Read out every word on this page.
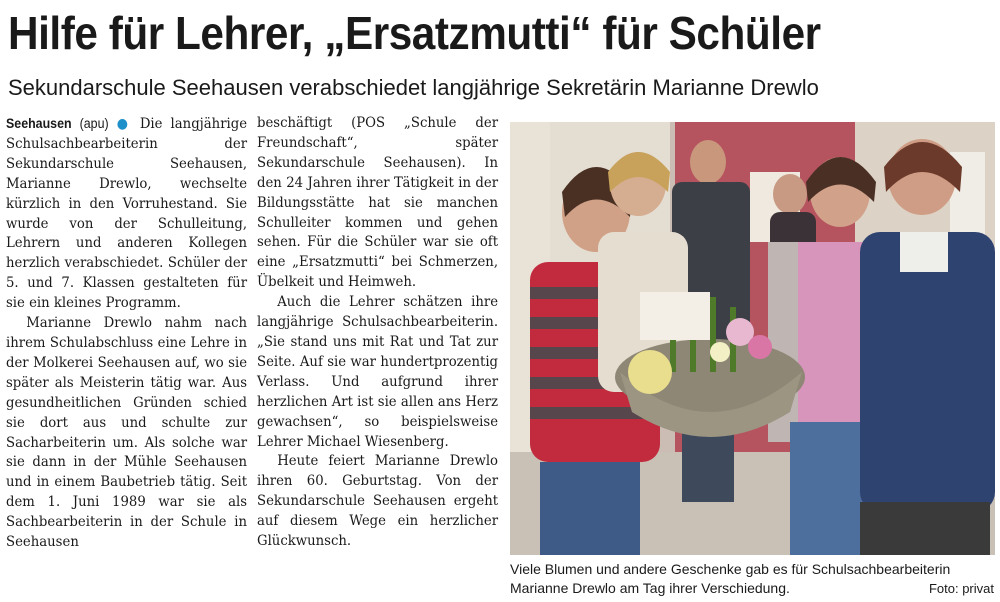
Hilfe für Lehrer, „Ersatzmutti“ für Schüler
Sekundarschule Seehausen verabschiedet langjährige Sekretärin Marianne Drewlo

Seehausen (apu) ● Die langjährige Schulsachbearbeiterin der Sekundarschule Seehausen, Marianne Drewlo, wechselte kürzlich in den Vorruhestand. Sie wurde von der Schulleitung, Lehrern und anderen Kollegen herzlich verabschiedet. Schüler der 5. und 7. Klassen gestalteten für sie ein kleines Programm.

Marianne Drewlo nahm nach ihrem Schulabschluss eine Lehre in der Molkerei Seehausen auf, wo sie später als Meisterin tätig war. Aus gesundheitlichen Gründen schied sie dort aus und schulte zur Sacharbeiterin um. Als solche war sie dann in der Mühle Seehausen und in einem Baubetrieb tätig. Seit dem 1. Juni 1989 war sie als Sachbearbeiterin in der Schule in Seehausen

beschäftigt (POS „Schule der Freundschaft“, später Sekundarschule Seehausen). In den 24 Jahren ihrer Tätigkeit in der Bildungsstätte hat sie manchen Schulleiter kommen und gehen sehen. Für die Schüler war sie oft eine „Ersatzmutti“ bei Schmerzen, Übelkeit und Heimweh.

Auch die Lehrer schätzen ihre langjährige Schulsachbearbeiterin. „Sie stand uns mit Rat und Tat zur Seite. Auf sie war hundertprozentig Verlass. Und aufgrund ihrer herzlichen Art ist sie allen ans Herz gewachsen“, so beispielsweise Lehrer Michael Wiesenberg.

Heute feiert Marianne Drewlo ihren 60. Geburtstag. Von der Sekundarschule Seehausen ergeht auf diesem Wege ein herzlicher Glückwunsch.

Viele Blumen und andere Geschenke gab es für Schulsachbearbeiterin Marianne Drewlo am Tag ihrer Verschiedung.	Foto: privat
